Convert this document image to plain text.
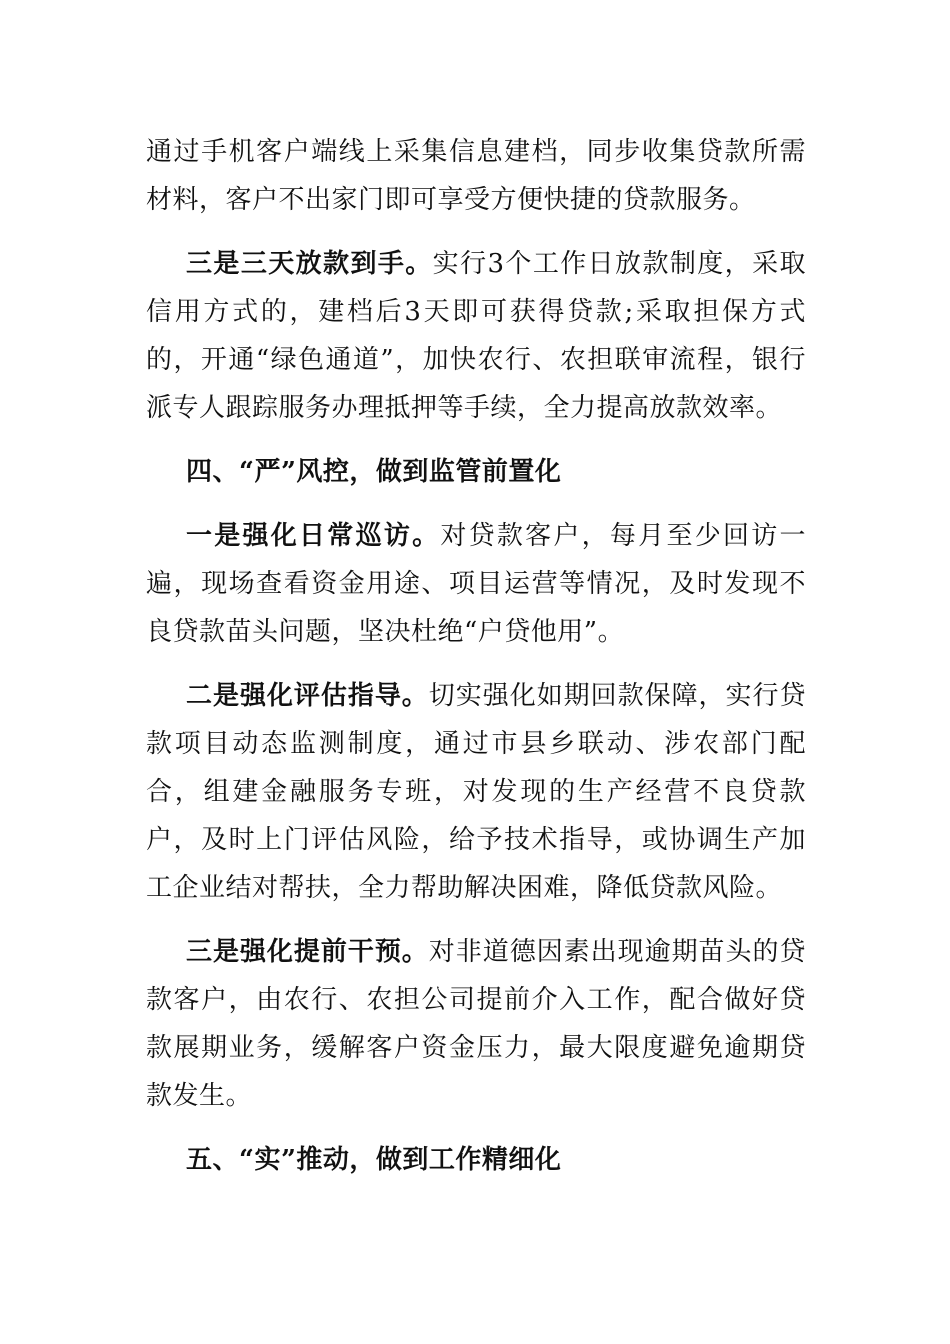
通过手机客户端线上采集信息建档，同步收集贷款所需材料，客户不出家门即可享受方便快捷的贷款服务。

三是三天放款到手。实行3个工作日放款制度，采取信用方式的，建档后3天即可获得贷款;采取担保方式的，开通“绿色通道”，加快农行、农担联审流程，银行派专人跟踪服务办理抵押等手续，全力提高放款效率。

四、“严”风控，做到监管前置化

一是强化日常巡访。对贷款客户，每月至少回访一遍，现场查看资金用途、项目运营等情况，及时发现不良贷款苗头问题，坚决杜绝“户贷他用”。

二是强化评估指导。切实强化如期回款保障，实行贷款项目动态监测制度，通过市县乡联动、涉农部门配合，组建金融服务专班，对发现的生产经营不良贷款户，及时上门评估风险，给予技术指导，或协调生产加工企业结对帮扶，全力帮助解决困难，降低贷款风险。

三是强化提前干预。对非道德因素出现逾期苗头的贷款客户，由农行、农担公司提前介入工作，配合做好贷款展期业务，缓解客户资金压力，最大限度避免逾期贷款发生。

五、“实”推动，做到工作精细化
